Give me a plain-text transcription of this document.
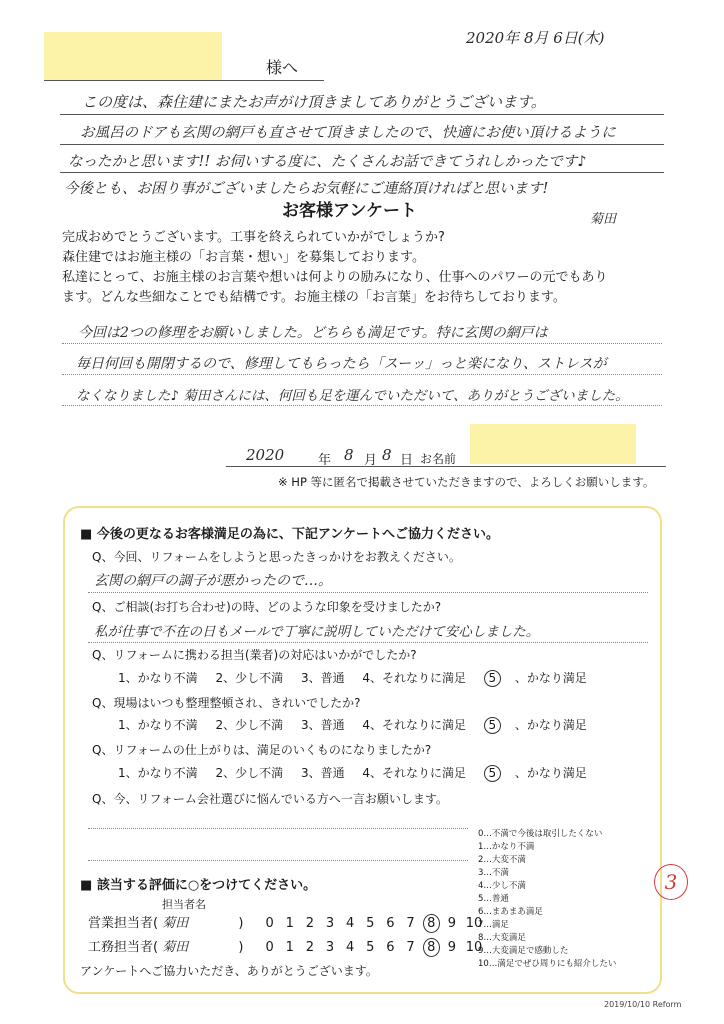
2020年 8月 6日(木)
様へ
この度は、森住建にまたお声がけ頂きましてありがとうございます。
お風呂のドアも玄関の網戸も直させて頂きましたので、快適にお使い頂けるように
なったかと思います!! お伺いする度に、たくさんお話できてうれしかったです♪
今後とも、お困り事がございましたらお気軽にご連絡頂ければと思います!
菊田
お客様アンケート
完成おめでとうございます。工事を終えられていかがでしょうか?
森住建ではお施主様の「お言葉・想い」を募集しております。
私達にとって、お施主様のお言葉や想いは何よりの励みになり、仕事へのパワーの元でもあり
ます。どんな些細なことでも結構です。お施主様の「お言葉」をお待ちしております。
今回は2つの修理をお願いしました。どちらも満足です。特に玄関の網戸は
毎日何回も開閉するので、修理してもらったら「スーッ」っと楽になり、ストレスが
なくなりました♪ 菊田さんには、何回も足を運んでいただいて、ありがとうございました。
2020	年 8 月 8 日 お名前
※ HP 等に匿名で掲載させていただきますので、よろしくお願いします。
■ 今後の更なるお客様満足の為に、下記アンケートへご協力ください。
Q、今回、リフォームをしようと思ったきっかけをお教えください。
玄関の網戸の調子が悪かったので…。
Q、ご相談(お打ち合わせ)の時、どのような印象を受けましたか?
私が仕事で不在の日もメールで丁寧に説明していただけて安心しました。
Q、リフォームに携わる担当(業者)の対応はいかがでしたか?
1、かなり不満 2、少し不満 3、普通 4、それなりに満足 5 、かなり満足
Q、現場はいつも整理整頓され、きれいでしたか?
1、かなり不満 2、少し不満 3、普通 4、それなりに満足 5 、かなり満足
Q、リフォームの仕上がりは、満足のいくものになりましたか?
1、かなり不満 2、少し不満 3、普通 4、それなりに満足 5 、かなり満足
Q、今、リフォーム会社選びに悩んでいる方へ一言お願いします。
■ 該当する評価に○をつけてください。
担当者名
営業担当者( 菊田	) 0 1 2 3 4 5 6 7 8 9 10
工務担当者( 菊田	) 0 1 2 3 4 5 6 7 8 9 10
アンケートへご協力いただき、ありがとうございます。
0…不満で今後は取引したくない
1…かなり不満
2…大変不満
3…不満
4…少し不満
5…普通
6…まあまあ満足
7…満足
8…大変満足
9…大変満足で感動した
10…満足でぜひ周りにも紹介したい
3
2019/10/10 Reform
